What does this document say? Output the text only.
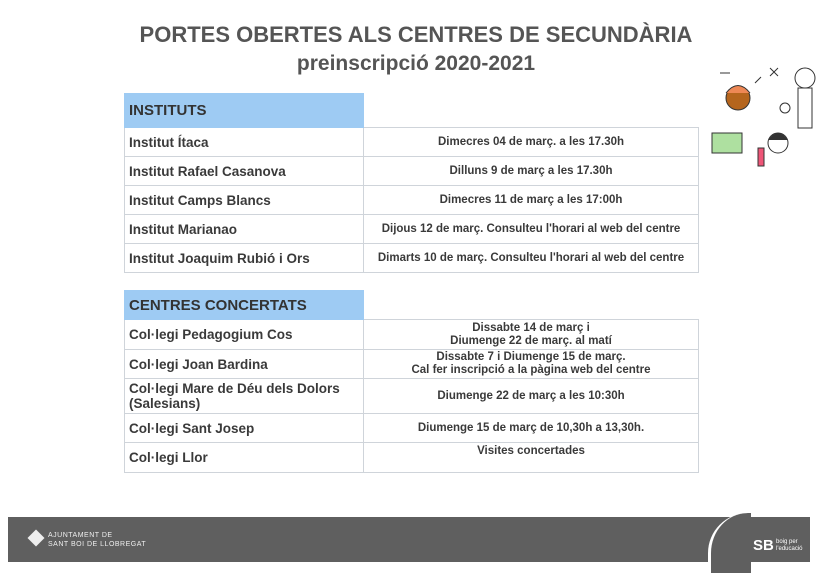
PORTES OBERTES ALS CENTRES DE SECUNDÀRIA
preinscripció 2020-2021
INSTITUTS	
Institut Ítaca	Dimecres 04 de març. a les 17.30h
Institut Rafael Casanova	Dilluns 9 de març a les 17.30h
Institut Camps Blancs	Dimecres 11 de març a les 17:00h
Institut Marianao	Dijous 12 de març. Consulteu l'horari al web del centre
Institut Joaquim Rubió i Ors	Dimarts 10 de març. Consulteu l'horari al web del centre
CENTRES CONCERTATS	
Col·legi Pedagogium Cos	Dissabte 14 de març i
Diumenge 22 de març. al matí

Col·legi Joan Bardina	Dissabte 7 i Diumenge 15 de març.
Cal fer inscripció a la pàgina web del centre

Col·legi Mare de Déu dels Dolors
(Salesians)	Diumenge 22 de març a les 10:30h
Col·legi Sant Josep	Diumenge 15 de març de 10,30h a 13,30h.
Col·legi Llor	Visites concertades
AJUNTAMENT DE
SANT BOI DE LLOBREGAT	SB boig per
l'educació
